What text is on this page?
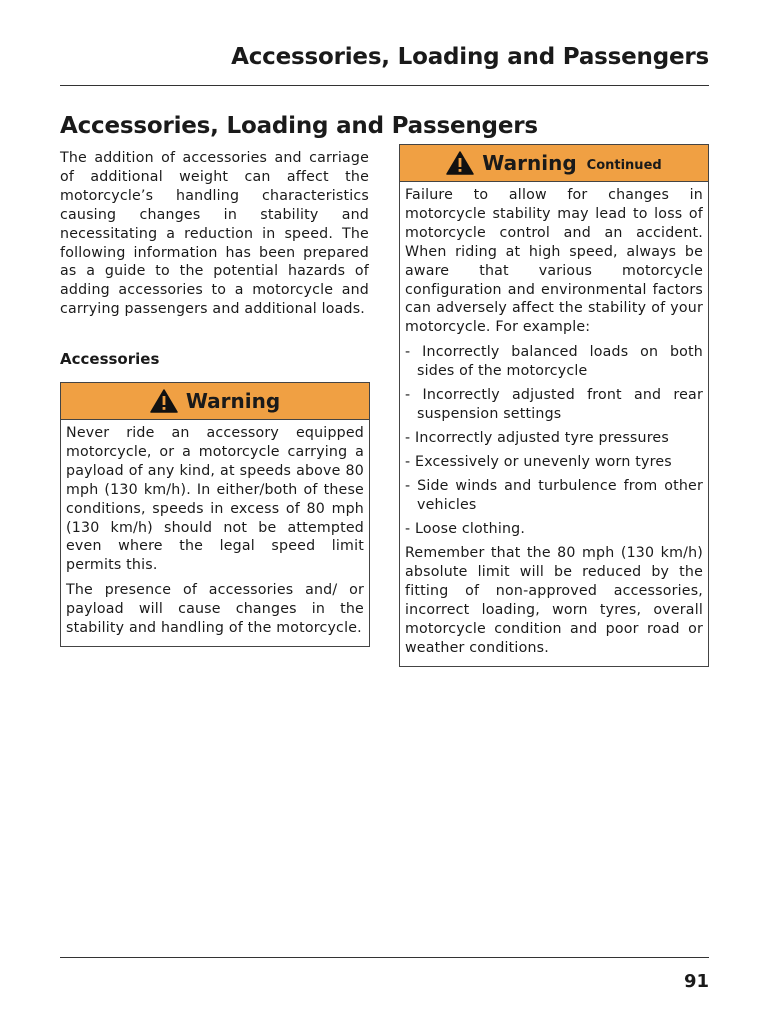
Accessories, Loading and Passengers
Accessories, Loading and Passengers

The addition of accessories and carriage of additional weight can affect the motorcycle’s handling characteristics causing changes in stability and necessitating a reduction in speed. The following information has been prepared as a guide to the potential hazards of adding accessories to a motorcycle and carrying passengers and additional loads.

Accessories
Warning

Never ride an accessory equipped motorcycle, or a motorcycle carrying a payload of any kind, at speeds above 80 mph (130 km/h). In either/both of these conditions, speeds in excess of 80 mph (130 km/h) should not be attempted even where the legal speed limit permits this.

The presence of accessories and/ or payload will cause changes in the stability and handling of the motorcycle.

Warning Continued

Failure to allow for changes in motorcycle stability may lead to loss of motorcycle control and an accident. When riding at high speed, always be aware that various motorcycle configuration and environmental factors can adversely affect the stability of your motorcycle. For example:

- Incorrectly balanced loads on both sides of the motorcycle
- Incorrectly adjusted front and rear suspension settings
- Incorrectly adjusted tyre pressures
- Excessively or unevenly worn tyres
- Side winds and turbulence from other vehicles
- Loose clothing.

Remember that the 80 mph (130 km/h) absolute limit will be reduced by the fitting of non-approved accessories, incorrect loading, worn tyres, overall motorcycle condition and poor road or weather conditions.

91
